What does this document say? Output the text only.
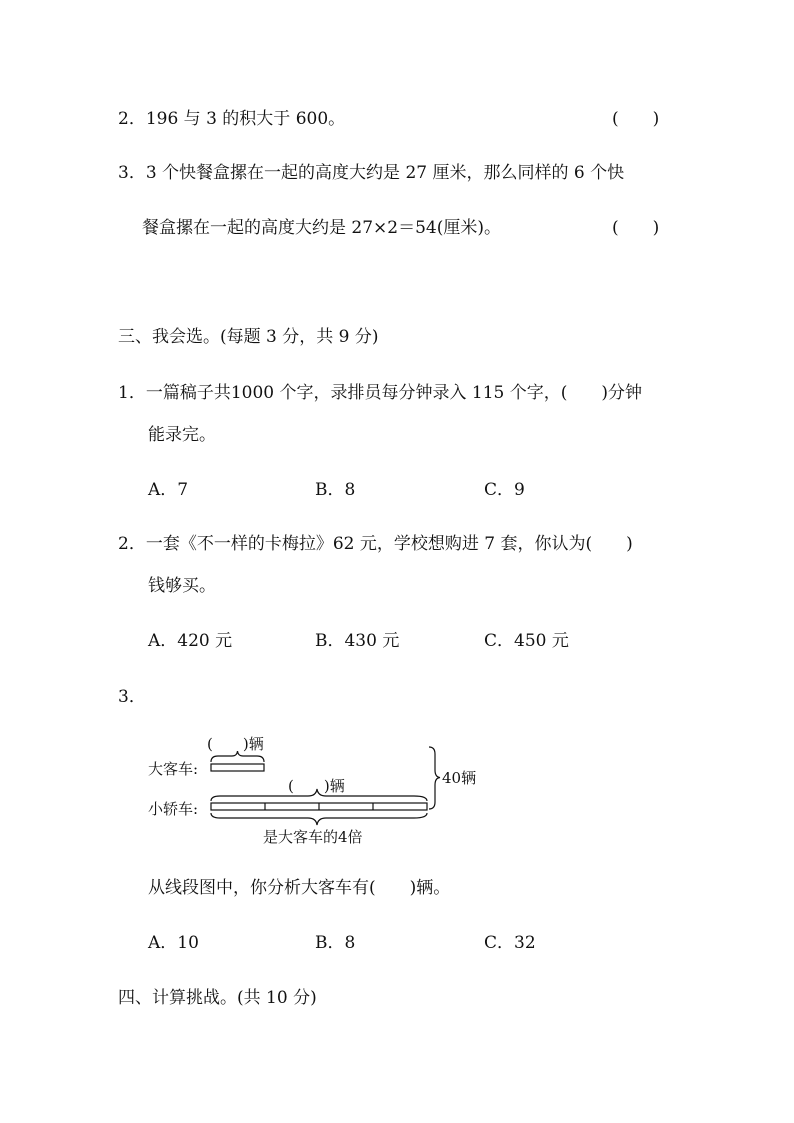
2．196 与 3 的积大于 600。	(　　)
3．3 个快餐盒摞在一起的高度大约是 27 厘米，那么同样的 6 个快
餐盒摞在一起的高度大约是 27×2＝54(厘米)。	(　　)
三、我会选。(每题 3 分，共 9 分)
1．一篇稿子共1000 个字，录排员每分钟录入 115 个字，(　　)分钟
能录完。
A．7	B．8	C．9
2．一套《不一样的卡梅拉》62 元，学校想购进 7 套，你认为(　　)
钱够买。
A．420 元	B．430 元	C．450 元
3．
(　　)辆
大客车:
(　　)辆
小轿车:
40辆
是大客车的4倍
从线段图中，你分析大客车有(　　)辆。
A．10	B．8	C．32
四、计算挑战。(共 10 分)
